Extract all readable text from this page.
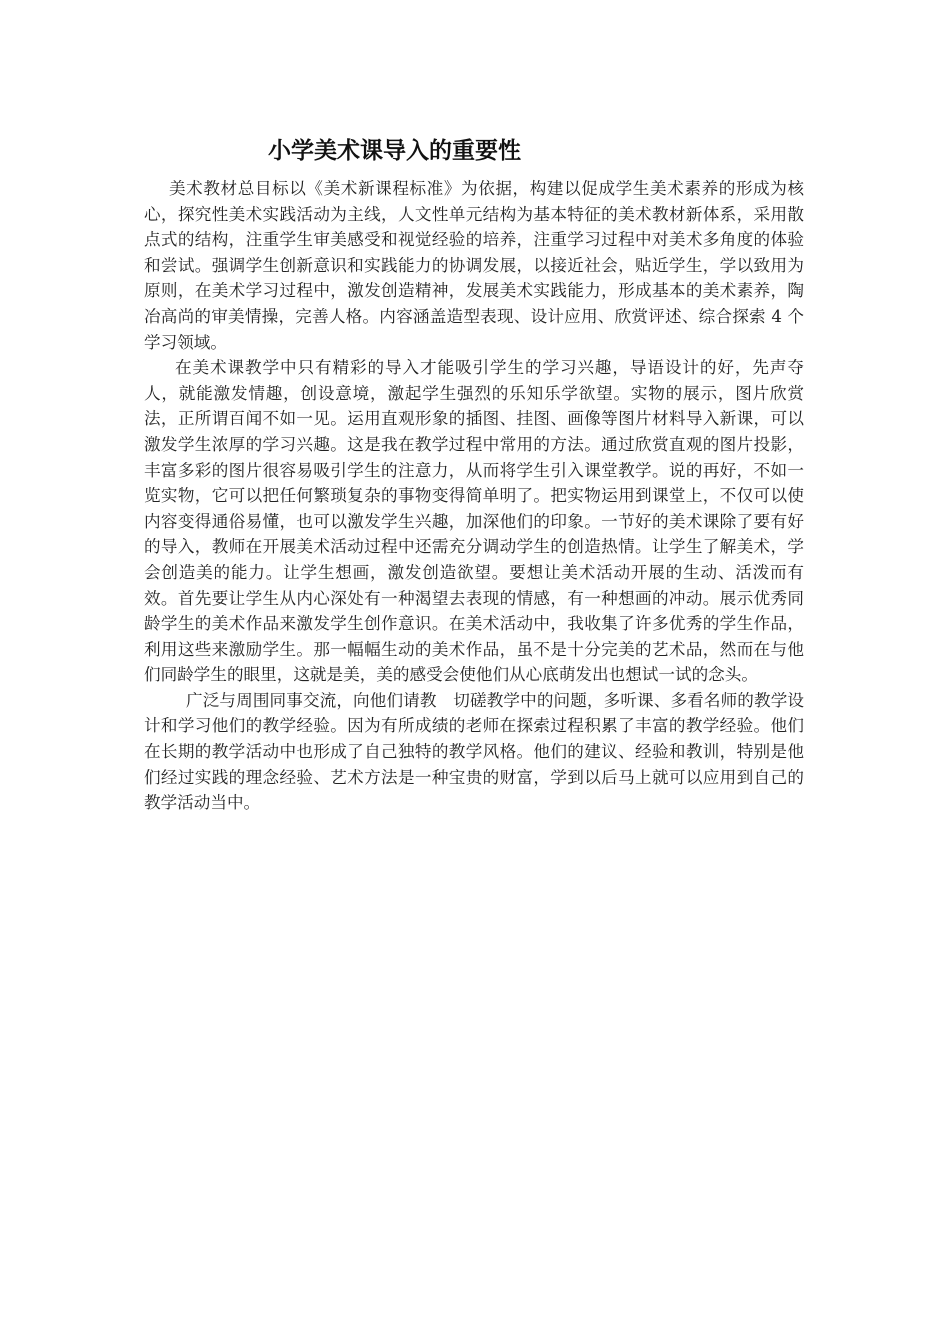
小学美术课导入的重要性

美术教材总目标以《美术新课程标准》为依据，构建以促成学生美术素养的形成为核心，探究性美术实践活动为主线，人文性单元结构为基本特征的美术教材新体系，采用散点式的结构，注重学生审美感受和视觉经验的培养，注重学习过程中对美术多角度的体验和尝试。强调学生创新意识和实践能力的协调发展，以接近社会，贴近学生，学以致用为原则，在美术学习过程中，激发创造精神，发展美术实践能力，形成基本的美术素养，陶冶高尚的审美情操，完善人格。内容涵盖造型表现、设计应用、欣赏评述、综合探索 4 个学习领域。

在美术课教学中只有精彩的导入才能吸引学生的学习兴趣，导语设计的好，先声夺人，就能激发情趣，创设意境，激起学生强烈的乐知乐学欲望。实物的展示，图片欣赏法，正所谓百闻不如一见。运用直观形象的插图、挂图、画像等图片材料导入新课，可以激发学生浓厚的学习兴趣。这是我在教学过程中常用的方法。通过欣赏直观的图片投影，丰富多彩的图片很容易吸引学生的注意力，从而将学生引入课堂教学。说的再好，不如一览实物，它可以把任何繁琐复杂的事物变得简单明了。把实物运用到课堂上，不仅可以使内容变得通俗易懂，也可以激发学生兴趣，加深他们的印象。一节好的美术课除了要有好的导入，教师在开展美术活动过程中还需充分调动学生的创造热情。让学生了解美术，学会创造美的能力。让学生想画，激发创造欲望。要想让美术活动开展的生动、活泼而有效。首先要让学生从内心深处有一种渴望去表现的情感，有一种想画的冲动。展示优秀同龄学生的美术作品来激发学生创作意识。在美术活动中，我收集了许多优秀的学生作品，利用这些来激励学生。那一幅幅生动的美术作品，虽不是十分完美的艺术品，然而在与他们同龄学生的眼里，这就是美，美的感受会使他们从心底萌发出也想试一试的念头。

广泛与周围同事交流，向他们请教　切磋教学中的问题，多听课、多看名师的教学设计和学习他们的教学经验。因为有所成绩的老师在探索过程积累了丰富的教学经验。他们在长期的教学活动中也形成了自己独特的教学风格。他们的建议、经验和教训，特别是他们经过实践的理念经验、艺术方法是一种宝贵的财富，学到以后马上就可以应用到自己的教学活动当中。
